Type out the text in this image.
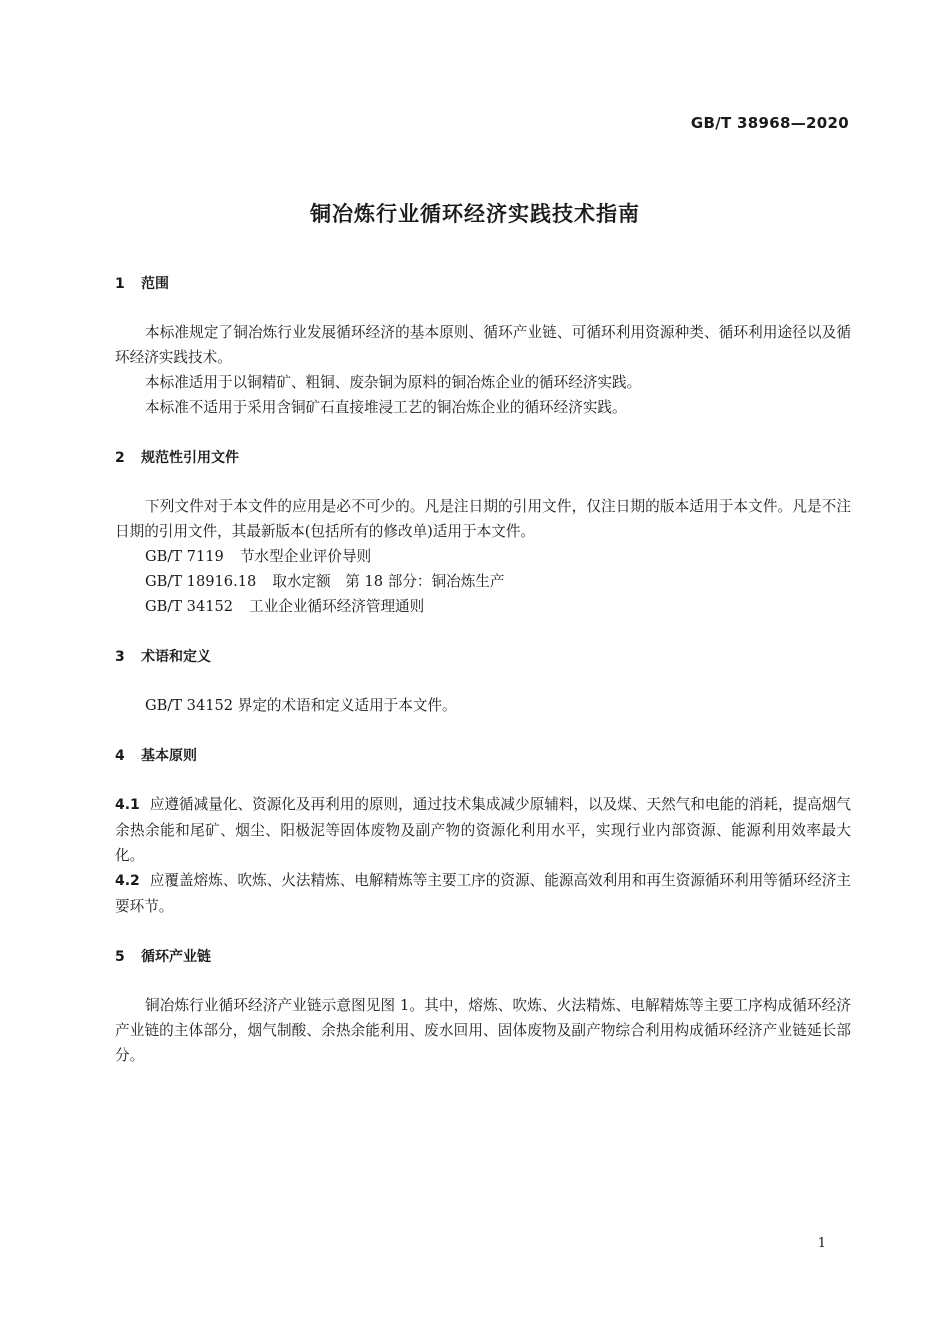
GB/T 38968—2020
铜冶炼行业循环经济实践技术指南
1 范围

本标准规定了铜冶炼行业发展循环经济的基本原则、循环产业链、可循环利用资源种类、循环利用途径以及循环经济实践技术。

本标准适用于以铜精矿、粗铜、废杂铜为原料的铜冶炼企业的循环经济实践。

本标准不适用于采用含铜矿石直接堆浸工艺的铜冶炼企业的循环经济实践。

2 规范性引用文件

下列文件对于本文件的应用是必不可少的。凡是注日期的引用文件，仅注日期的版本适用于本文件。凡是不注日期的引用文件，其最新版本(包括所有的修改单)适用于本文件。

GB/T 7119 节水型企业评价导则

GB/T 18916.18 取水定额　第 18 部分：铜冶炼生产

GB/T 34152 工业企业循环经济管理通则

3 术语和定义

GB/T 34152 界定的术语和定义适用于本文件。

4 基本原则

4.1 应遵循减量化、资源化及再利用的原则，通过技术集成减少原辅料，以及煤、天然气和电能的消耗，提高烟气余热余能和尾矿、烟尘、阳极泥等固体废物及副产物的资源化利用水平，实现行业内部资源、能源利用效率最大化。

4.2 应覆盖熔炼、吹炼、火法精炼、电解精炼等主要工序的资源、能源高效利用和再生资源循环利用等循环经济主要环节。

5 循环产业链

铜冶炼行业循环经济产业链示意图见图 1。其中，熔炼、吹炼、火法精炼、电解精炼等主要工序构成循环经济产业链的主体部分，烟气制酸、余热余能利用、废水回用、固体废物及副产物综合利用构成循环经济产业链延长部分。

1
